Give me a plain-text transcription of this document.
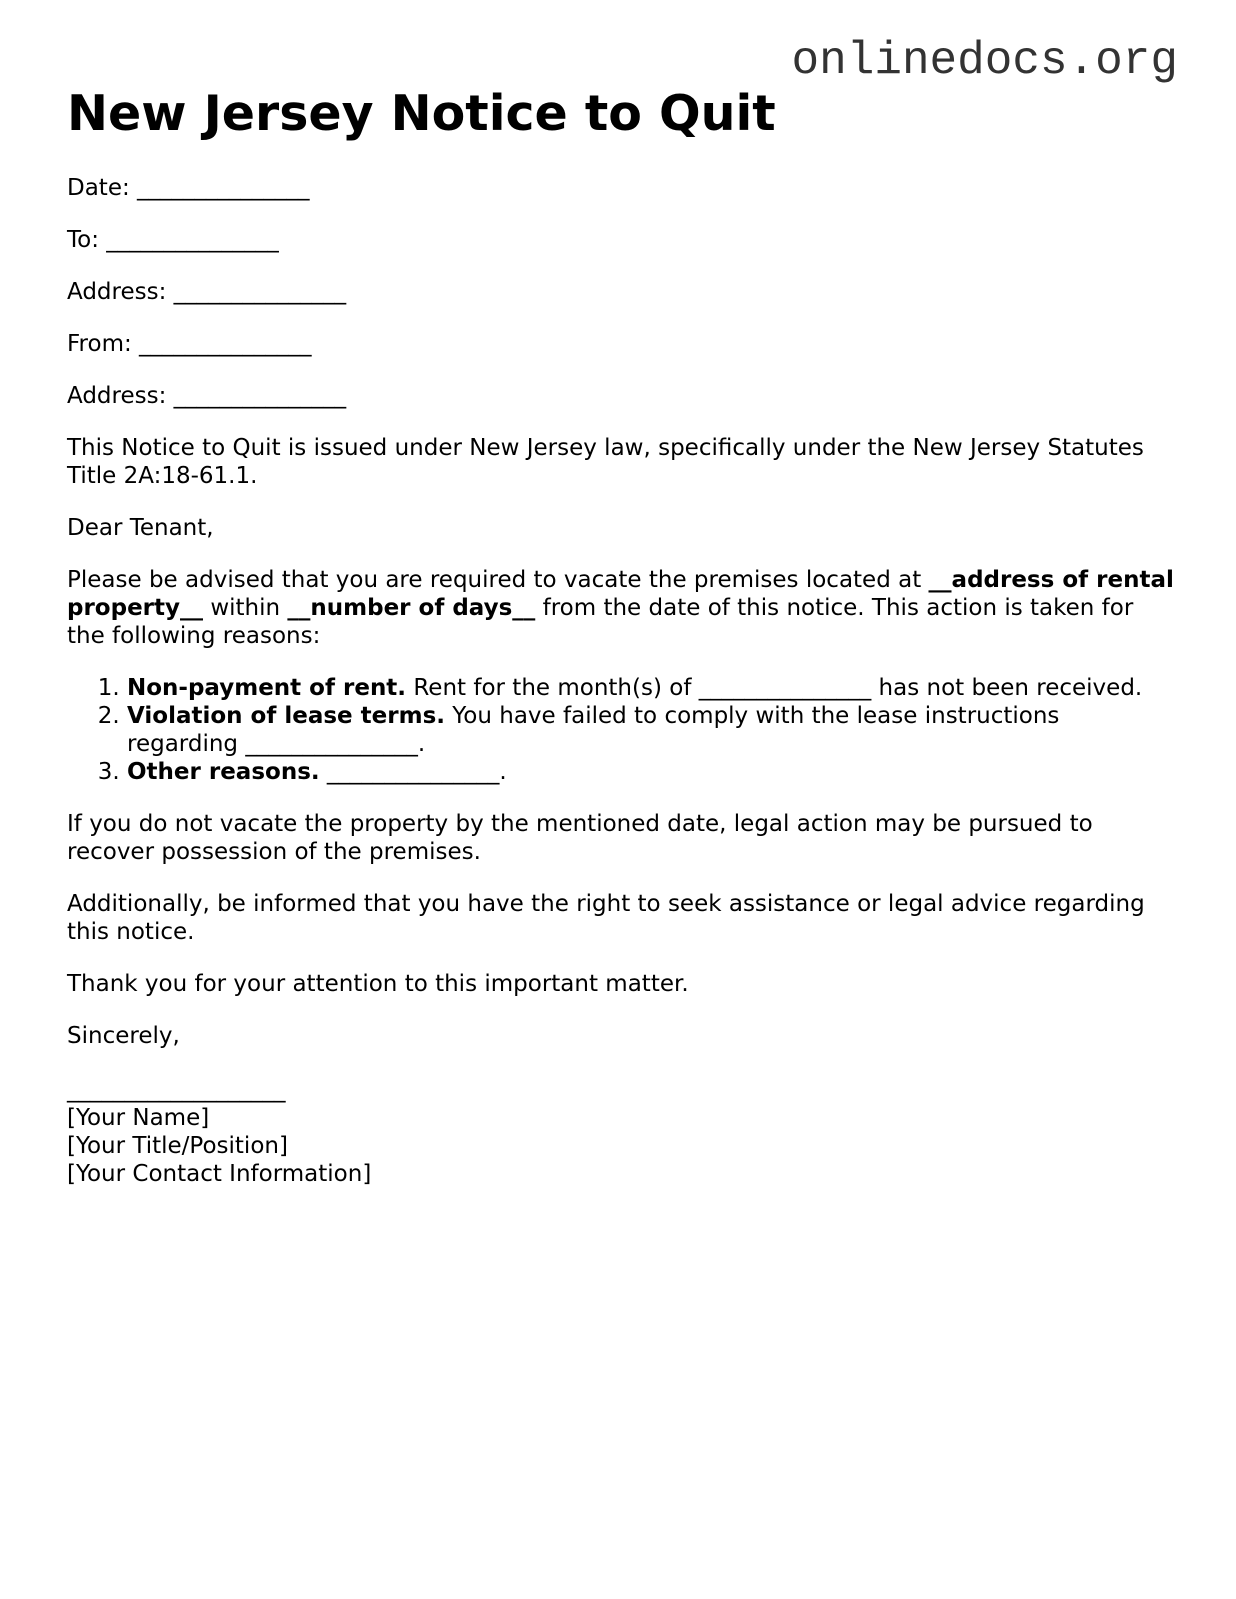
onlinedocs.org
New Jersey Notice to Quit
Date: _______________
To: _______________
Address: _______________
From: _______________
Address: _______________

This Notice to Quit is issued under New Jersey law, specifically under the New Jersey Statutes Title 2A:18-61.1.

Dear Tenant,

Please be advised that you are required to vacate the premises located at __address of rental property__ within __number of days__ from the date of this notice. This action is taken for the following reasons:

1. Non-payment of rent. Rent for the month(s) of _______________ has not been received.
2. Violation of lease terms. You have failed to comply with the lease instructions regarding _______________.
3. Other reasons. _______________.

If you do not vacate the property by the mentioned date, legal action may be pursued to recover possession of the premises.

Additionally, be informed that you have the right to seek assistance or legal advice regarding this notice.

Thank you for your attention to this important matter.

Sincerely,

___________________
[Your Name]
[Your Title/Position]
[Your Contact Information]
